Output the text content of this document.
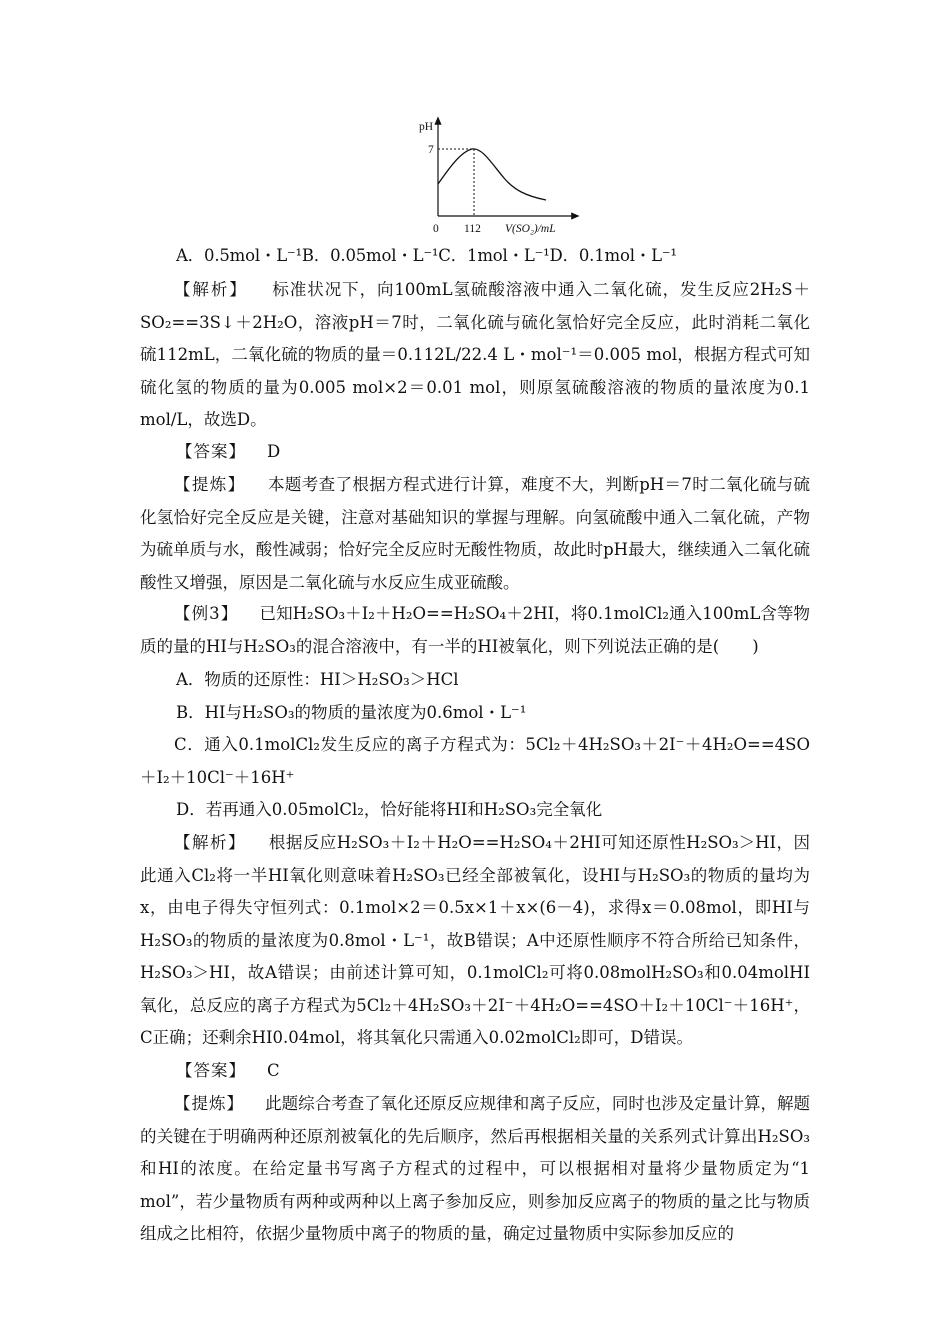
pH
7
0 112 V(SO₂)/mL
A．0.5mol・L⁻¹B．0.05mol・L⁻¹C．1mol・L⁻¹D．0.1mol・L⁻¹

【解析】 标准状况下，向100mL氢硫酸溶液中通入二氧化硫，发生反应2H₂S＋SO₂==3S↓＋2H₂O，溶液pH＝7时，二氧化硫与硫化氢恰好完全反应，此时消耗二氧化硫112mL，二氧化硫的物质的量＝0.112L/22.4 L・mol⁻¹＝0.005 mol，根据方程式可知硫化氢的物质的量为0.005 mol×2＝0.01 mol，则原氢硫酸溶液的物质的量浓度为0.1 mol/L，故选D。

【答案】 D

【提炼】 本题考查了根据方程式进行计算，难度不大，判断pH＝7时二氧化硫与硫化氢恰好完全反应是关键，注意对基础知识的掌握与理解。向氢硫酸中通入二氧化硫，产物为硫单质与水，酸性减弱；恰好完全反应时无酸性物质，故此时pH最大，继续通入二氧化硫酸性又增强，原因是二氧化硫与水反应生成亚硫酸。

【例3】 已知H₂SO₃＋I₂＋H₂O==H₂SO₄＋2HI，将0.1molCl₂通入100mL含等物质的量的HI与H₂SO₃的混合溶液中，有一半的HI被氧化，则下列说法正确的是(　　)

A．物质的还原性：HI＞H₂SO₃＞HCl
B．HI与H₂SO₃的物质的量浓度为0.6mol・L⁻¹

C．通入0.1molCl₂发生反应的离子方程式为：5Cl₂＋4H₂SO₃＋2I⁻＋4H₂O==4SO＋I₂＋10Cl⁻＋16H⁺

D．若再通入0.05molCl₂，恰好能将HI和H₂SO₃完全氧化

【解析】 根据反应H₂SO₃＋I₂＋H₂O==H₂SO₄＋2HI可知还原性H₂SO₃＞HI，因此通入Cl₂将一半HI氧化则意味着H₂SO₃已经全部被氧化，设HI与H₂SO₃的物质的量均为x，由电子得失守恒列式：0.1mol×2＝0.5x×1＋x×(6－4)，求得x＝0.08mol，即HI与H₂SO₃的物质的量浓度为0.8mol・L⁻¹，故B错误；A中还原性顺序不符合所给已知条件，H₂SO₃＞HI，故A错误；由前述计算可知，0.1molCl₂可将0.08molH₂SO₃和0.04molHI氧化，总反应的离子方程式为5Cl₂＋4H₂SO₃＋2I⁻＋4H₂O==4SO＋I₂＋10Cl⁻＋16H⁺，C正确；还剩余HI0.04mol，将其氧化只需通入0.02molCl₂即可，D错误。

【答案】 C

【提炼】 此题综合考查了氧化还原反应规律和离子反应，同时也涉及定量计算，解题的关键在于明确两种还原剂被氧化的先后顺序，然后再根据相关量的关系列式计算出H₂SO₃和HI的浓度。在给定量书写离子方程式的过程中，可以根据相对量将少量物质定为“1 mol”，若少量物质有两种或两种以上离子参加反应，则参加反应离子的物质的量之比与物质组成之比相符，依据少量物质中离子的物质的量，确定过量物质中实际参加反应的
